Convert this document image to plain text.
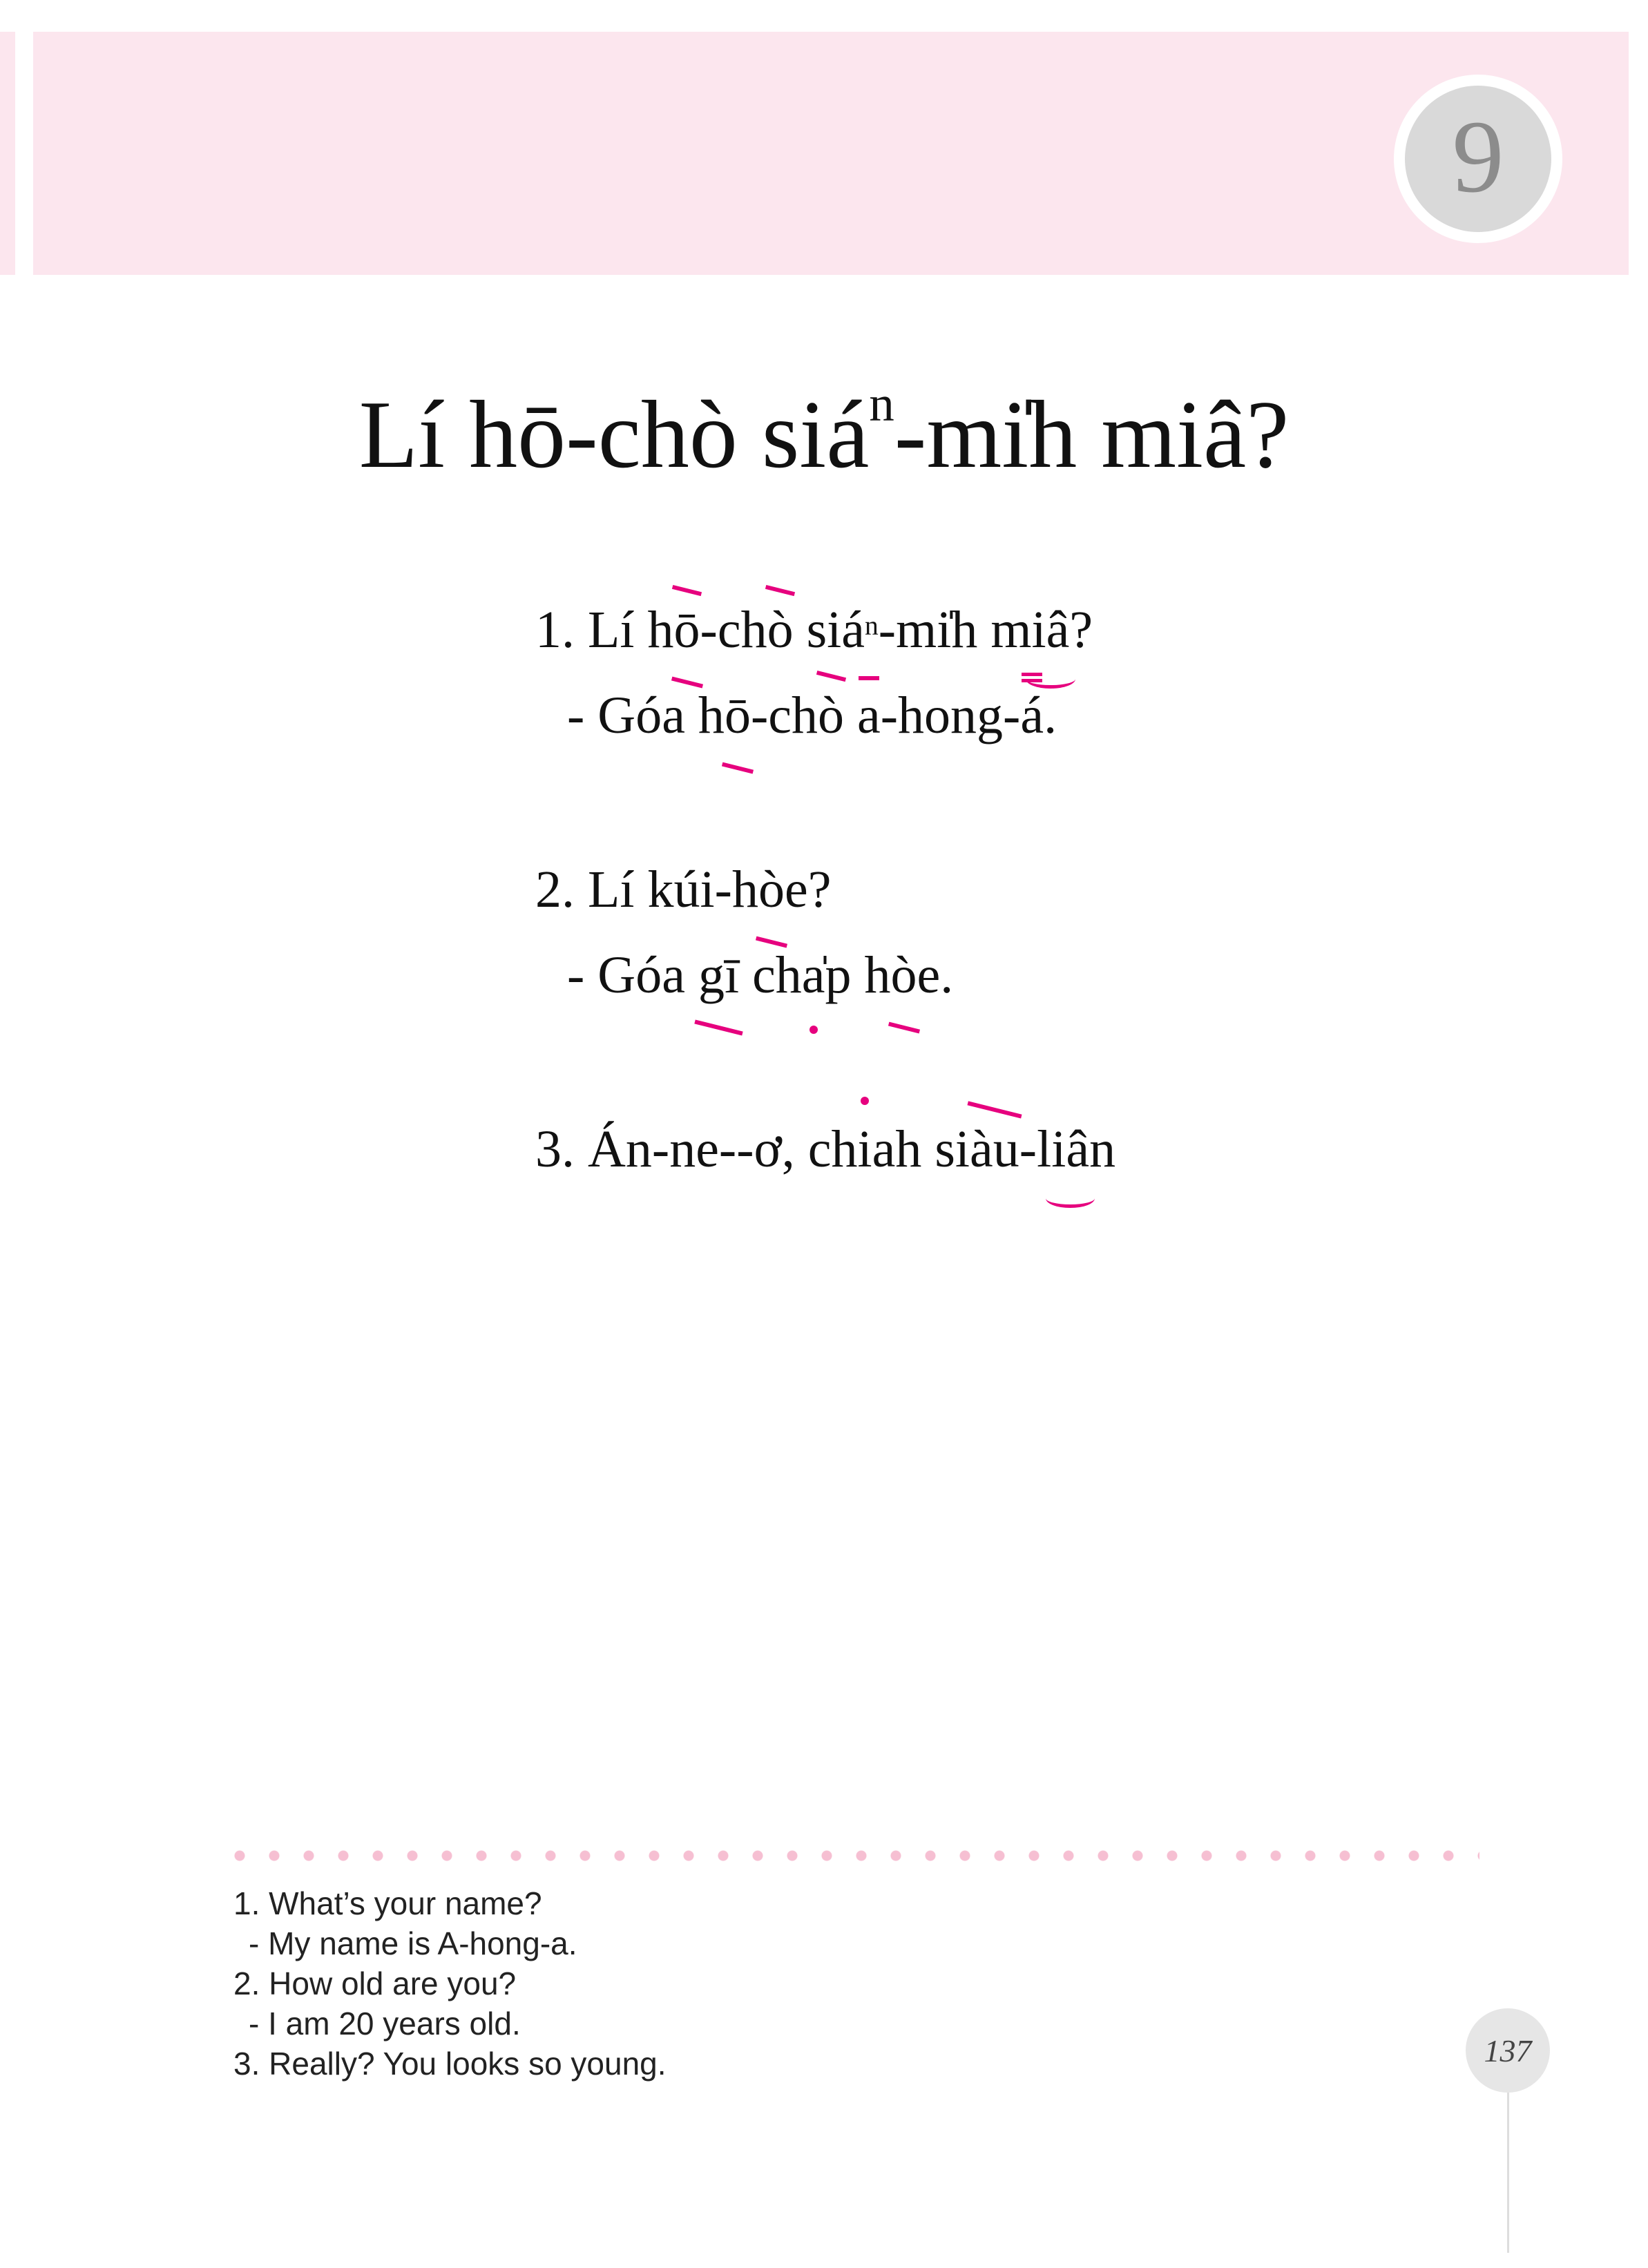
9
Lí hō-chò siá$^n$-mi̍h miâ?
1. Lí hō-chò siá$^n$-mi̍h miâ?
- Góa hō-chò a-hong-á.
2. Lí kúi-hòe?
- Góa gī cha̍p hòe.
3. Án-ne--ơ, chiah siàu-liân
1. What’s your name?
- My name is A-hong-a.
2. How old are you?
- I am 20 years old.
3. Really? You looks so young.	137
